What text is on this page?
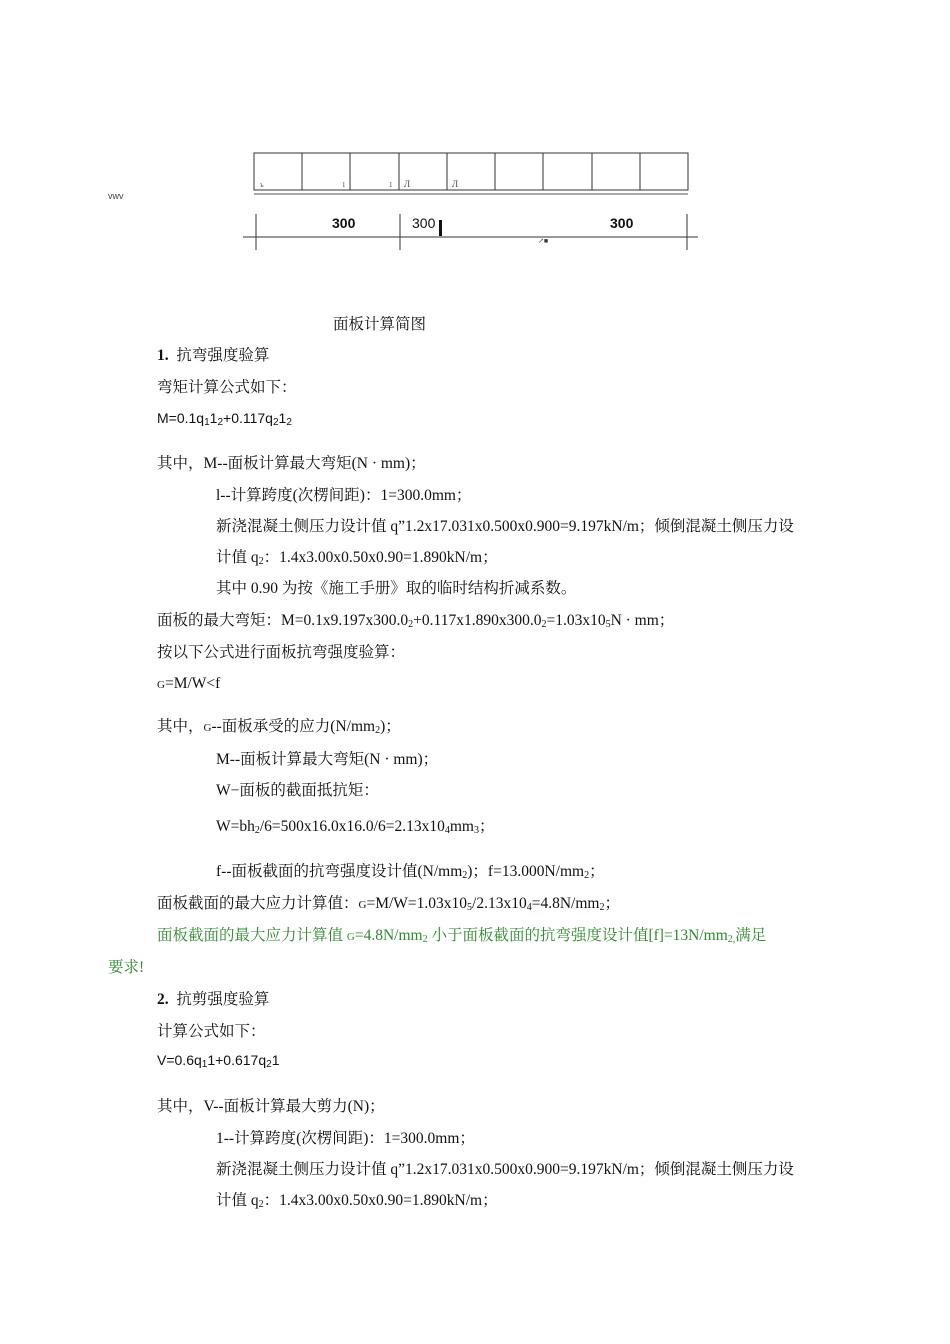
vwv
ъ	1	1 Л	Л
300	300	300
↗■
面板计算简图
1. 抗弯强度验算
弯矩计算公式如下：
M=0.1q112+0.117q212
其中，M--面板计算最大弯矩(N · mm)；
l--计算跨度(次楞间距)：1=300.0mm；
新浇混凝土侧压力设计值 q”1.2x17.031x0.500x0.900=9.197kN/m；倾倒混凝土侧压力设
计值 q2：1.4x3.00x0.50x0.90=1.890kN/m；
其中 0.90 为按《施工手册》取的临时结构折减系数。
面板的最大弯矩：M=0.1x9.197x300.02+0.117x1.890x300.02=1.03x105N · mm；
按以下公式进行面板抗弯强度验算：
G=M/W<f
其中，G--面板承受的应力(N/mm2)；
M--面板计算最大弯矩(N · mm)；
W−面板的截面抵抗矩：
W=bh2/6=500x16.0x16.0/6=2.13x104mm3；
f--面板截面的抗弯强度设计值(N/mm2)；f=13.000N/mm2；
面板截面的最大应力计算值：G=M/W=1.03x105/2.13x104=4.8N/mm2；
面板截面的最大应力计算值 G=4.8N/mm2 小于面板截面的抗弯强度设计值[f]=13N/mm2,满足
要求!
2. 抗剪强度验算
计算公式如下：
V=0.6q11+0.617q21
其中，V--面板计算最大剪力(N)；
1--计算跨度(次楞间距)：1=300.0mm；
新浇混凝土侧压力设计值 q”1.2x17.031x0.500x0.900=9.197kN/m；倾倒混凝土侧压力设
计值 q2：1.4x3.00x0.50x0.90=1.890kN/m；
